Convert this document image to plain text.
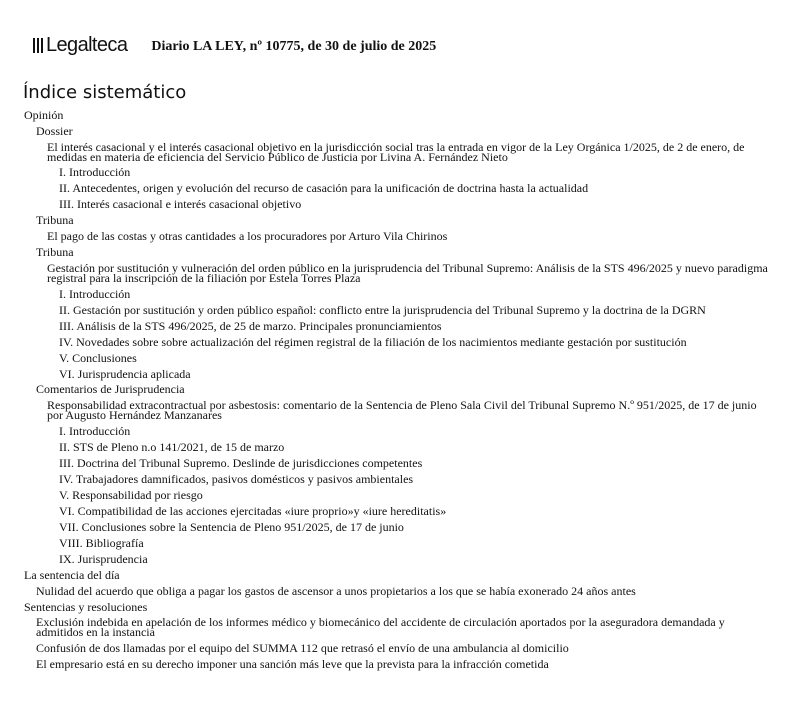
Legalteca Diario LA LEY, nº 10775, de 30 de julio de 2025
Índice sistemático
Opinión
Dossier
El interés casacional y el interés casacional objetivo en la jurisdicción social tras la entrada en vigor de la Ley Orgánica 1/2025, de 2 de enero, de medidas en materia de eficiencia del Servicio Público de Justicia por Livina A. Fernández Nieto
I. Introducción
II. Antecedentes, origen y evolución del recurso de casación para la unificación de doctrina hasta la actualidad
III. Interés casacional e interés casacional objetivo
Tribuna
El pago de las costas y otras cantidades a los procuradores por Arturo Vila Chirinos
Tribuna
Gestación por sustitución y vulneración del orden público en la jurisprudencia del Tribunal Supremo: Análisis de la STS 496/2025 y nuevo paradigma registral para la inscripción de la filiación por Estela Torres Plaza
I. Introducción
II. Gestación por sustitución y orden público español: conflicto entre la jurisprudencia del Tribunal Supremo y la doctrina de la DGRN
III. Análisis de la STS 496/2025, de 25 de marzo. Principales pronunciamientos
IV. Novedades sobre sobre actualización del régimen registral de la filiación de los nacimientos mediante gestación por sustitución
V. Conclusiones
VI. Jurisprudencia aplicada
Comentarios de Jurisprudencia
Responsabilidad extracontractual por asbestosis: comentario de la Sentencia de Pleno Sala Civil del Tribunal Supremo N.º 951/2025, de 17 de junio por Augusto Hernández Manzanares
I. Introducción
II. STS de Pleno n.o 141/2021, de 15 de marzo
III. Doctrina del Tribunal Supremo. Deslinde de jurisdicciones competentes
IV. Trabajadores damnificados, pasivos domésticos y pasivos ambientales
V. Responsabilidad por riesgo
VI. Compatibilidad de las acciones ejercitadas «iure proprio»y «iure hereditatis»
VII. Conclusiones sobre la Sentencia de Pleno 951/2025, de 17 de junio
VIII. Bibliografía
IX. Jurisprudencia
La sentencia del día
Nulidad del acuerdo que obliga a pagar los gastos de ascensor a unos propietarios a los que se había exonerado 24 años antes
Sentencias y resoluciones
Exclusión indebida en apelación de los informes médico y biomecánico del accidente de circulación aportados por la aseguradora demandada y admitidos en la instancia
Confusión de dos llamadas por el equipo del SUMMA 112 que retrasó el envío de una ambulancia al domicilio
El empresario está en su derecho imponer una sanción más leve que la prevista para la infracción cometida
